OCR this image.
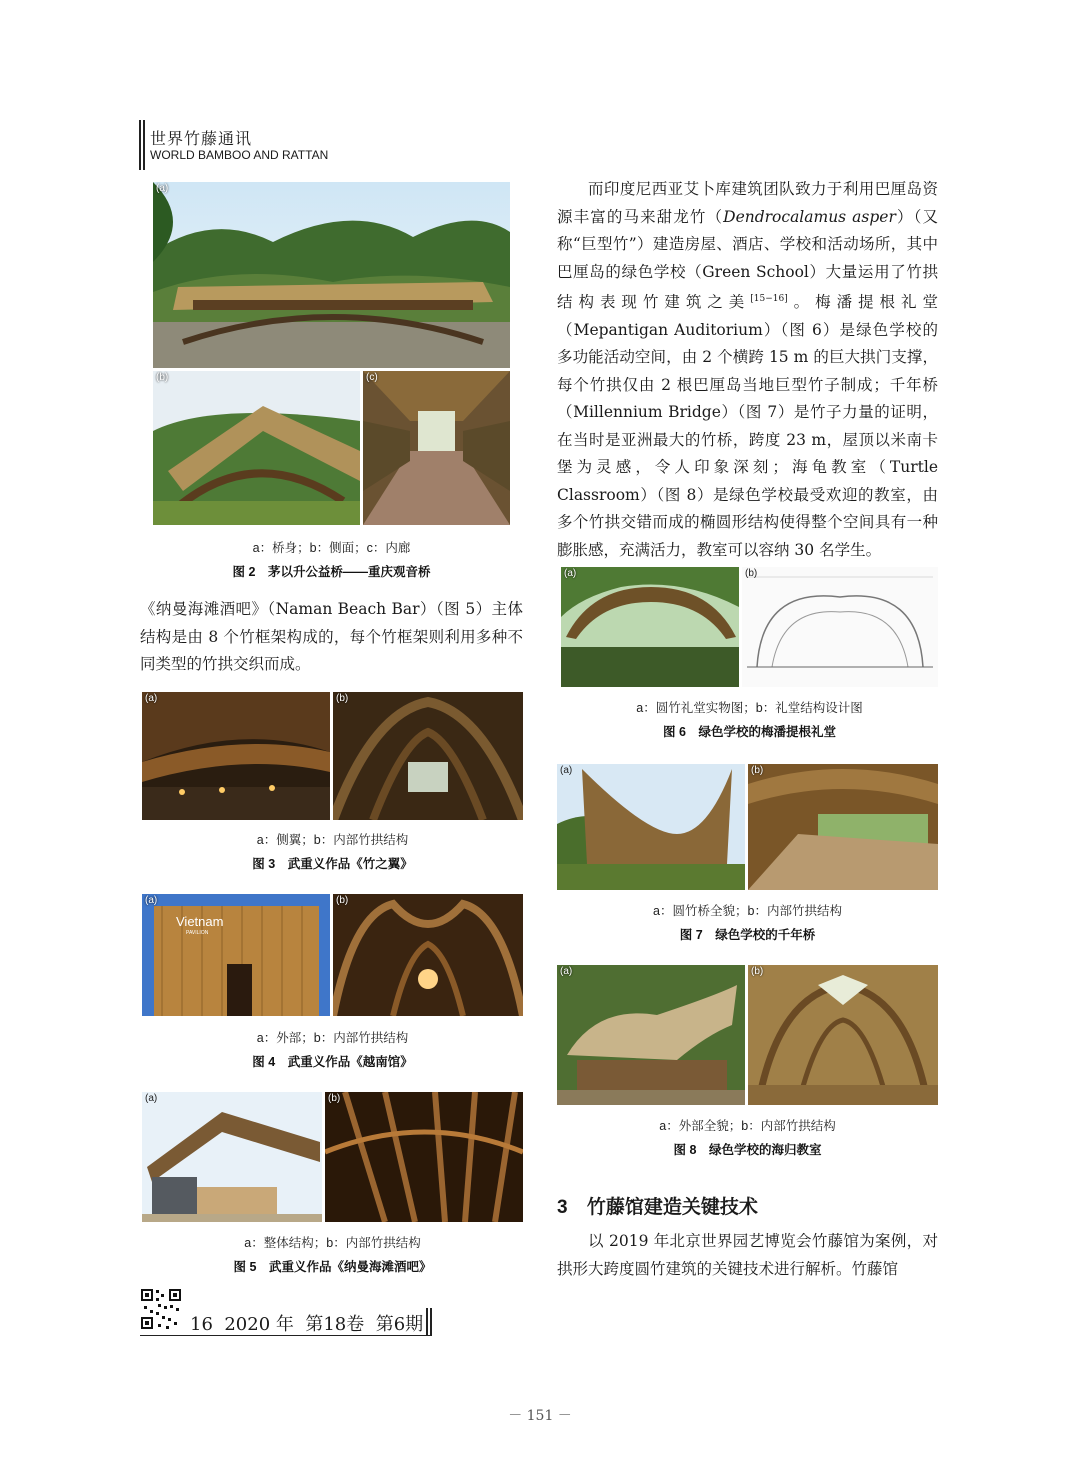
世界竹藤通讯
WORLD BAMBOO AND RATTAN
(a)
(b)	(c)
a：桥身；b：侧面；c：内廊
图 2　茅以升公益桥——重庆观音桥
《纳曼海滩酒吧》（Naman Beach Bar）（图 5）主体结构是由 8 个竹框架构成的，每个竹框架则利用多种不同类型的竹拱交织而成。
(a)	(b)
a：侧翼；b：内部竹拱结构
图 3　武重义作品《竹之翼》
(a)
Vietnam
PAVILION
(b)
a：外部；b：内部竹拱结构
图 4　武重义作品《越南馆》
(a)	(b)
a：整体结构；b：内部竹拱结构
图 5　武重义作品《纳曼海滩酒吧》

而印度尼西亚艾卜库建筑团队致力于利用巴厘岛资源丰富的马来甜龙竹（Dendrocalamus asper）（又称“巨型竹”）建造房屋、酒店、学校和活动场所，其中巴厘岛的绿色学校（Green School）大量运用了竹拱结构表现竹建筑之美[15−16]。梅潘提根礼堂（Mepantigan Auditorium）（图 6）是绿色学校的多功能活动空间，由 2 个横跨 15 m 的巨大拱门支撑，每个竹拱仅由 2 根巴厘岛当地巨型竹子制成；千年桥（Millennium Bridge）（图 7）是竹子力量的证明，在当时是亚洲最大的竹桥，跨度 23 m，屋顶以米南卡堡为灵感，令人印象深刻；海龟教室（Turtle Classroom）（图 8）是绿色学校最受欢迎的教室，由多个竹拱交错而成的椭圆形结构使得整个空间具有一种膨胀感，充满活力，教室可以容纳 30 名学生。

(a)	(b)
a：圆竹礼堂实物图；b：礼堂结构设计图
图 6　绿色学校的梅潘提根礼堂
(a)	(b)
a：圆竹桥全貌；b：内部竹拱结构
图 7　绿色学校的千年桥
(a)	(b)
a：外部全貌；b：内部竹拱结构
图 8　绿色学校的海归教室
3 竹藤馆建造关键技术

以 2019 年北京世界园艺博览会竹藤馆为案例，对拱形大跨度圆竹建筑的关键技术进行解析。竹藤馆

16 2020 年 第18卷 第6期
－ 151 －
